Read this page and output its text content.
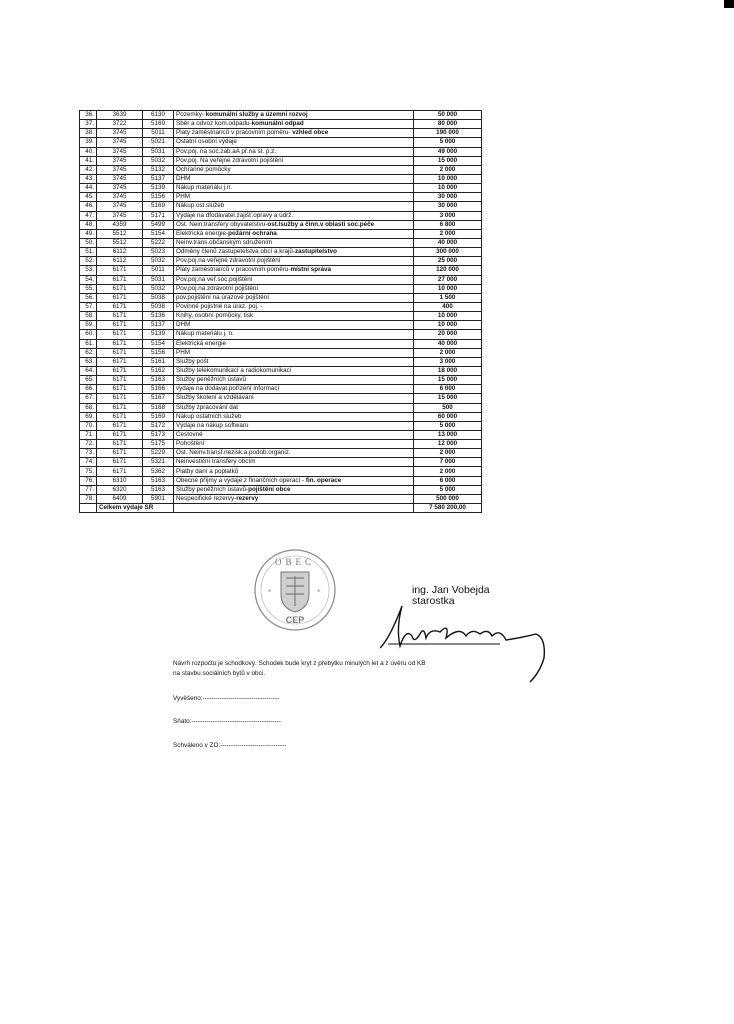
36.	3639	6130	Pozemky- komunální služby a územní rozvoj	50 000
37.	3722	5169	Sběr a odvoz kom.odpadu-komunální odpad	80 000
38.	3745	5011	Platy zaměstnanců v pracovním poměru- vzhled obce	190 000
39.	3745	5021	Ostatní osobní výdaje	5 000
40.	3745	5031	Pov.poj. na soc.zab.aA př.na st. p.z.	49 000
41.	3745	5032	Pov.poj. Na veřejné zdravotní pojištění	15 000
42.	3745	5132	Ochranné pomůcky	2 000
43.	3745	5137	DHM	10 000
44.	3745	5139	Nákup materiálu j.n.	10 000
45.	3745	5156	PHM	30 000
46.	3745	5169	Nákup ost.služeb	30 000
47.	3745	5171	Výdaje na dfodavatel.zajišť.opravy a údrž.	3 000
48.	4359	5499	Ost. Nein.transfery obyvatelstvu-ost.lsužby a činn.v oblasti soc.péče	6 800
49.	5512	5154	Elektrická energie-požární ochrana	2 000
50.	5512	5222	Neinv.trans.občanským sdružením	40 000
51.	6112	5023	Odměny členů zastupetelstva obcí a krajů-zastupitelstvo	300 000
52.	6112	5032	Pov.poj.na veřejné zdravotní pojištění	25 000
53.	6171	5011	Platy zaměstnanců v pracovním poměru-místní správa	120 000
54.	6171	5031	Pov.poj.na veř.soc.pojištění	27 000
55.	6171	5032	Pov.poj.na zdravotní pojištění	10 000
56.	6171	5038	pov.pojištění na úrazové pojištění	1 500
57.	6171	5038	Povinné pojistné na úraz. poj. -	400
58.	6171	5136	Knihy, osobní pomůcky, tisk	10 000
59.	6171	5137	DHM	10 000
60.	6171	5139	Nákup materiálu j. n.	20 000
61.	6171	5154	Elektrická energie	40 000
62.	6171	5156	PHM	2 000
63.	6171	5161	Služby pošt	3 000
64.	6171	5162	Služby telekomunikací a radiokomunikací	18 000
65.	6171	5163	Služby peněžních ústavů	15 000
66.	6171	5166	výdaje na dodavat.pořízení informací	6 000
67.	6171	5167	Služby školení a vzdělávání	15 000
68.	6171	5168	Služby zpracování dat	500
69.	6171	5169	Nákup ostatních služeb	60 000
70.	6171	5172	Výdaje na nákup softwaru	5 000
71.	6171	5173	Cestovné	13 000
72.	6171	5175	Pohoštění	12 000
73.	6171	5229	Ost. Neinv.transf.nezisk.a podob.organiz.	2 000
74.	6171	5321	Neinvestiční transfery obcím	7 000
75.	6171	5362	Platby daní a poplatků	2 000
76.	6310	5163	Obecné příjmy a výdaje z finančních operací - fin. operace	6 000
77.	6320	5163	Služby peněžních ústavů-pojištění obce	5 000
78.	6409	5901	Nespecifické rezervy-rezervy	500 000
	Celkem výdaje SR			7 580 200,00
OBEC
CEP
*	*	ing. Jan Vobejda
starostka
Návrh rozpočtu je schodkový. Schodek bude kryt z přebytku minulých let a z úvěru od KB
na stavbu sociálních bytů v obci.
Vyvěšeno:------------------------------------
Sňato:------------------------------------------
Schváleno v ZO:-------------------------------
